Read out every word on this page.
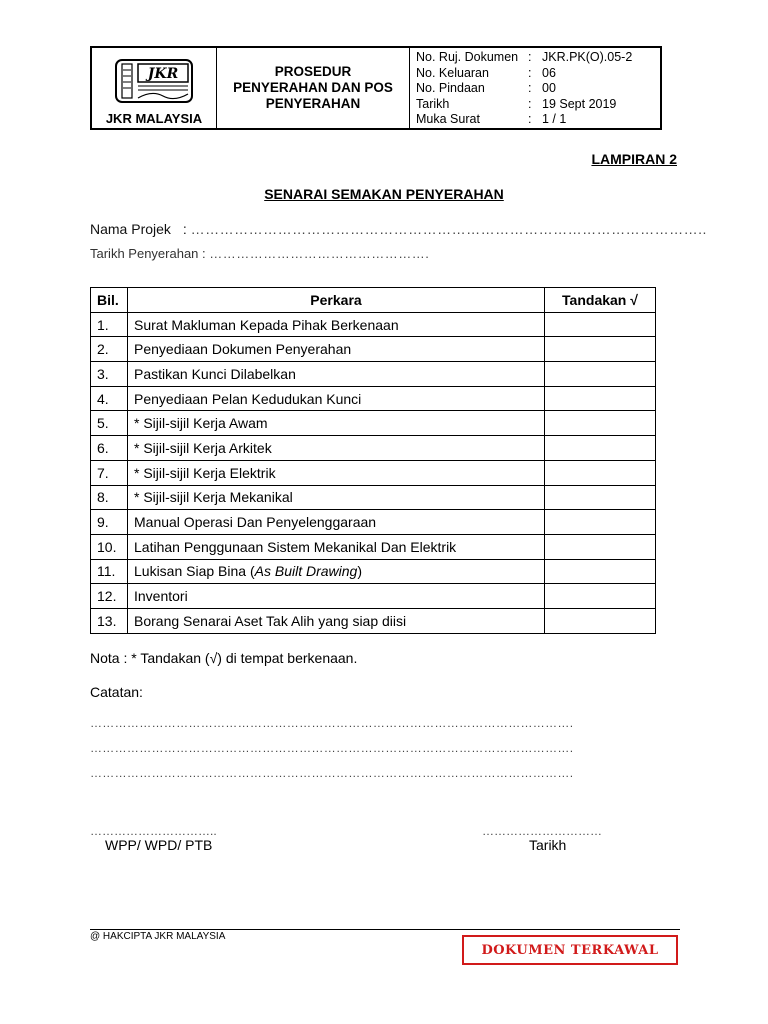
JKR
JKR MALAYSIA
PROSEDUR
PENYERAHAN DAN POS
PENYERAHAN
No. Ruj. Dokumen : JKR.PK(O).05-2
No. Keluaran	: 06
No. Pindaan	: 00
Tarikh	: 19 Sept 2019
Muka Surat	: 1 / 1
LAMPIRAN 2
SENARAI SEMAKAN PENYERAHAN
Nama Projek : ……………………………………………………………………………………………..
Tarikh Penyerahan : ………………………………………….
Bil.	Perkara	Tandakan √
1.	Surat Makluman Kepada Pihak Berkenaan	
2.	Penyediaan Dokumen Penyerahan	
3.	Pastikan Kunci Dilabelkan	
4.	Penyediaan Pelan Kedudukan Kunci	
5.	* Sijil-sijil Kerja Awam	
6.	* Sijil-sijil Kerja Arkitek	
7.	* Sijil-sijil Kerja Elektrik	
8.	* Sijil-sijil Kerja Mekanikal	
9.	Manual Operasi Dan Penyelenggaraan	
10.	Latihan Penggunaan Sistem Mekanikal Dan Elektrik	
11.	Lukisan Siap Bina (As Built Drawing)	
12.	Inventori	
13.	Borang Senarai Aset Tak Alih yang siap diisi	
Nota : * Tandakan (√) di tempat berkenaan.
Catatan:
……………………………………………………………………………………………………….
……………………………………………………………………………………………………….
……………………………………………………………………………………………………….
…………………………..
WPP/ WPD/ PTB
…………………………
Tarikh
@ HAKCIPTA JKR MALAYSIA
DOKUMEN TERKAWAL
